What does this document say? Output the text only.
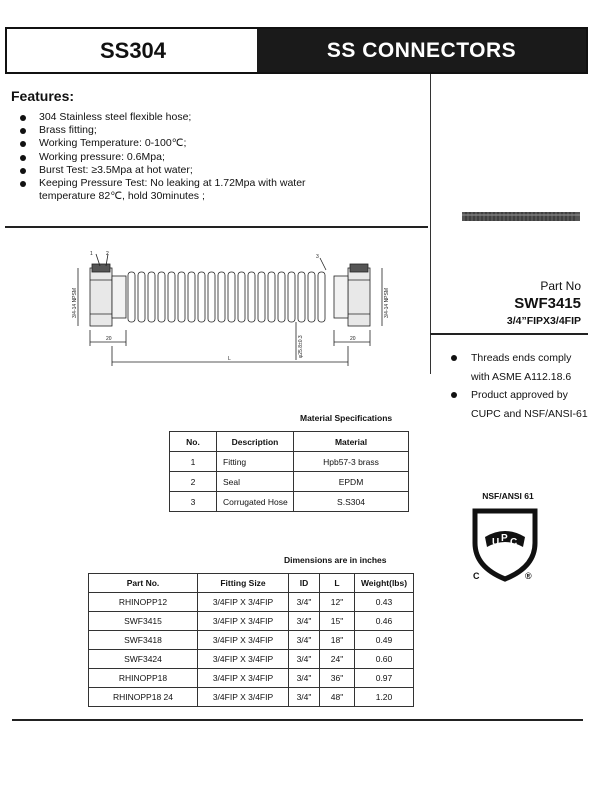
SS304	SS CONNECTORS
Features:
304 Stainless steel flexible hose;
Brass fitting;
Working Temperature: 0-100℃;
Working pressure: 0.6Mpa;
Burst Test: ≥3.5Mpa at hot water;
Keeping Pressure Test: No leaking at 1.72Mpa with water temperature 82℃, hold 30minutes ;
Part No
SWF3415
3/4”FIPX3/4FIP
Threads ends comply with ASME A112.18.6
Product approved by CUPC and NSF/ANSI-61
NSF/ANSI 61
U P C
C	®
1	2	3
3/4-14 NPSM	3/4-14 NPSM
20	20
L
φ25.8±0.3
Material Specifications
No.	Description	Material
1	Fitting	Hpb57-3 brass
2	Seal	EPDM
3	Corrugated Hose	S.S304
Dimensions are in inches
Part No.	Fitting Size	ID	L	Weight(lbs)
RHINOPP12	3/4FIP X 3/4FIP	3/4"	12"	0.43
SWF3415	3/4FIP X 3/4FIP	3/4"	15"	0.46
SWF3418	3/4FIP X 3/4FIP	3/4"	18"	0.49
SWF3424	3/4FIP X 3/4FIP	3/4"	24"	0.60
RHINOPP18	3/4FIP X 3/4FIP	3/4"	36"	0.97
RHINOPP18 24	3/4FIP X 3/4FIP	3/4"	48"	1.20
